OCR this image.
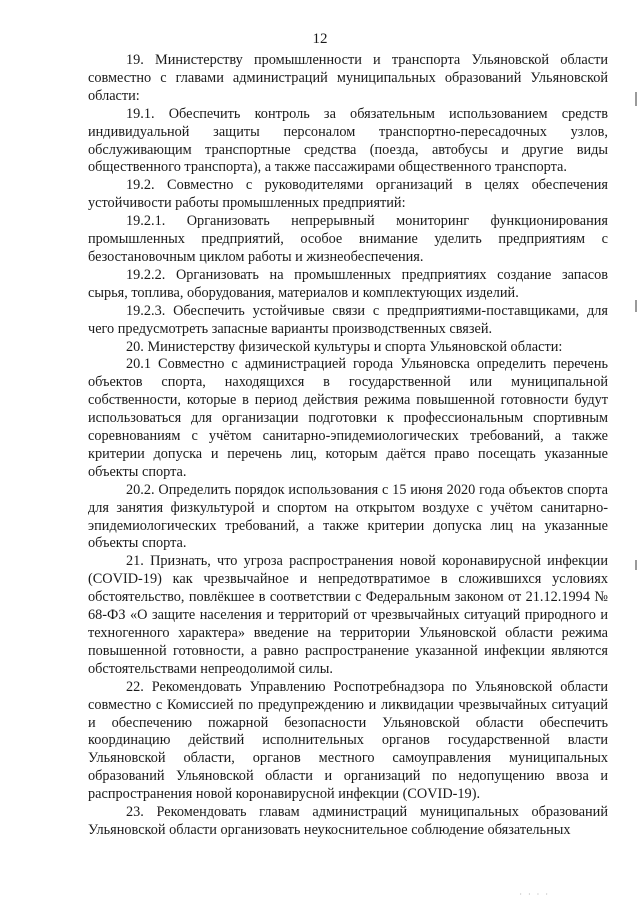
12

19. Министерству промышленности и транспорта Ульяновской области совместно с главами администраций муниципальных образований Ульяновской области:

19.1. Обеспечить контроль за обязательным использованием средств индивидуальной защиты персоналом транспортно-пересадочных узлов, обслуживающим транспортные средства (поезда, автобусы и другие виды общественного транспорта), а также пассажирами общественного транспорта.

19.2. Совместно с руководителями организаций в целях обеспечения устойчивости работы промышленных предприятий:

19.2.1. Организовать непрерывный мониторинг функционирования промышленных предприятий, особое внимание уделить предприятиям с безостановочным циклом работы и жизнеобеспечения.

19.2.2. Организовать на промышленных предприятиях создание запасов сырья, топлива, оборудования, материалов и комплектующих изделий.

19.2.3. Обеспечить устойчивые связи с предприятиями-поставщиками, для чего предусмотреть запасные варианты производственных связей.

20. Министерству физической культуры и спорта Ульяновской области:

20.1 Совместно с администрацией города Ульяновска определить перечень объектов спорта, находящихся в государственной или муниципальной собственности, которые в период действия режима повышенной готовности будут использоваться для организации подготовки к профессиональным спортивным соревнованиям с учётом санитарно-эпидемиологических требований, а также критерии допуска и перечень лиц, которым даётся право посещать указанные объекты спорта.

20.2. Определить порядок использования с 15 июня 2020 года объектов спорта для занятия физкультурой и спортом на открытом воздухе с учётом санитарно-эпидемиологических требований, а также критерии допуска лиц на указанные объекты спорта.

21. Признать, что угроза распространения новой коронавирусной инфекции (COVID-19) как чрезвычайное и непредотвратимое в сложившихся условиях обстоятельство, повлёкшее в соответствии с Федеральным законом от 21.12.1994 № 68-ФЗ «О защите населения и территорий от чрезвычайных ситуаций природного и техногенного характера» введение на территории Ульяновской области режима повышенной готовности, а равно распространение указанной инфекции являются обстоятельствами непреодолимой силы.

22. Рекомендовать Управлению Роспотребнадзора по Ульяновской области совместно с Комиссией по предупреждению и ликвидации чрезвычайных ситуаций и обеспечению пожарной безопасности Ульяновской области обеспечить координацию действий исполнительных органов государственной власти Ульяновской области, органов местного самоуправления муниципальных образований Ульяновской области и организаций по недопущению ввоза и распространения новой коронавирусной инфекции (COVID-19).

23. Рекомендовать главам администраций муниципальных образований Ульяновской области организовать неукоснительное соблюдение обязательных

· · · ·
